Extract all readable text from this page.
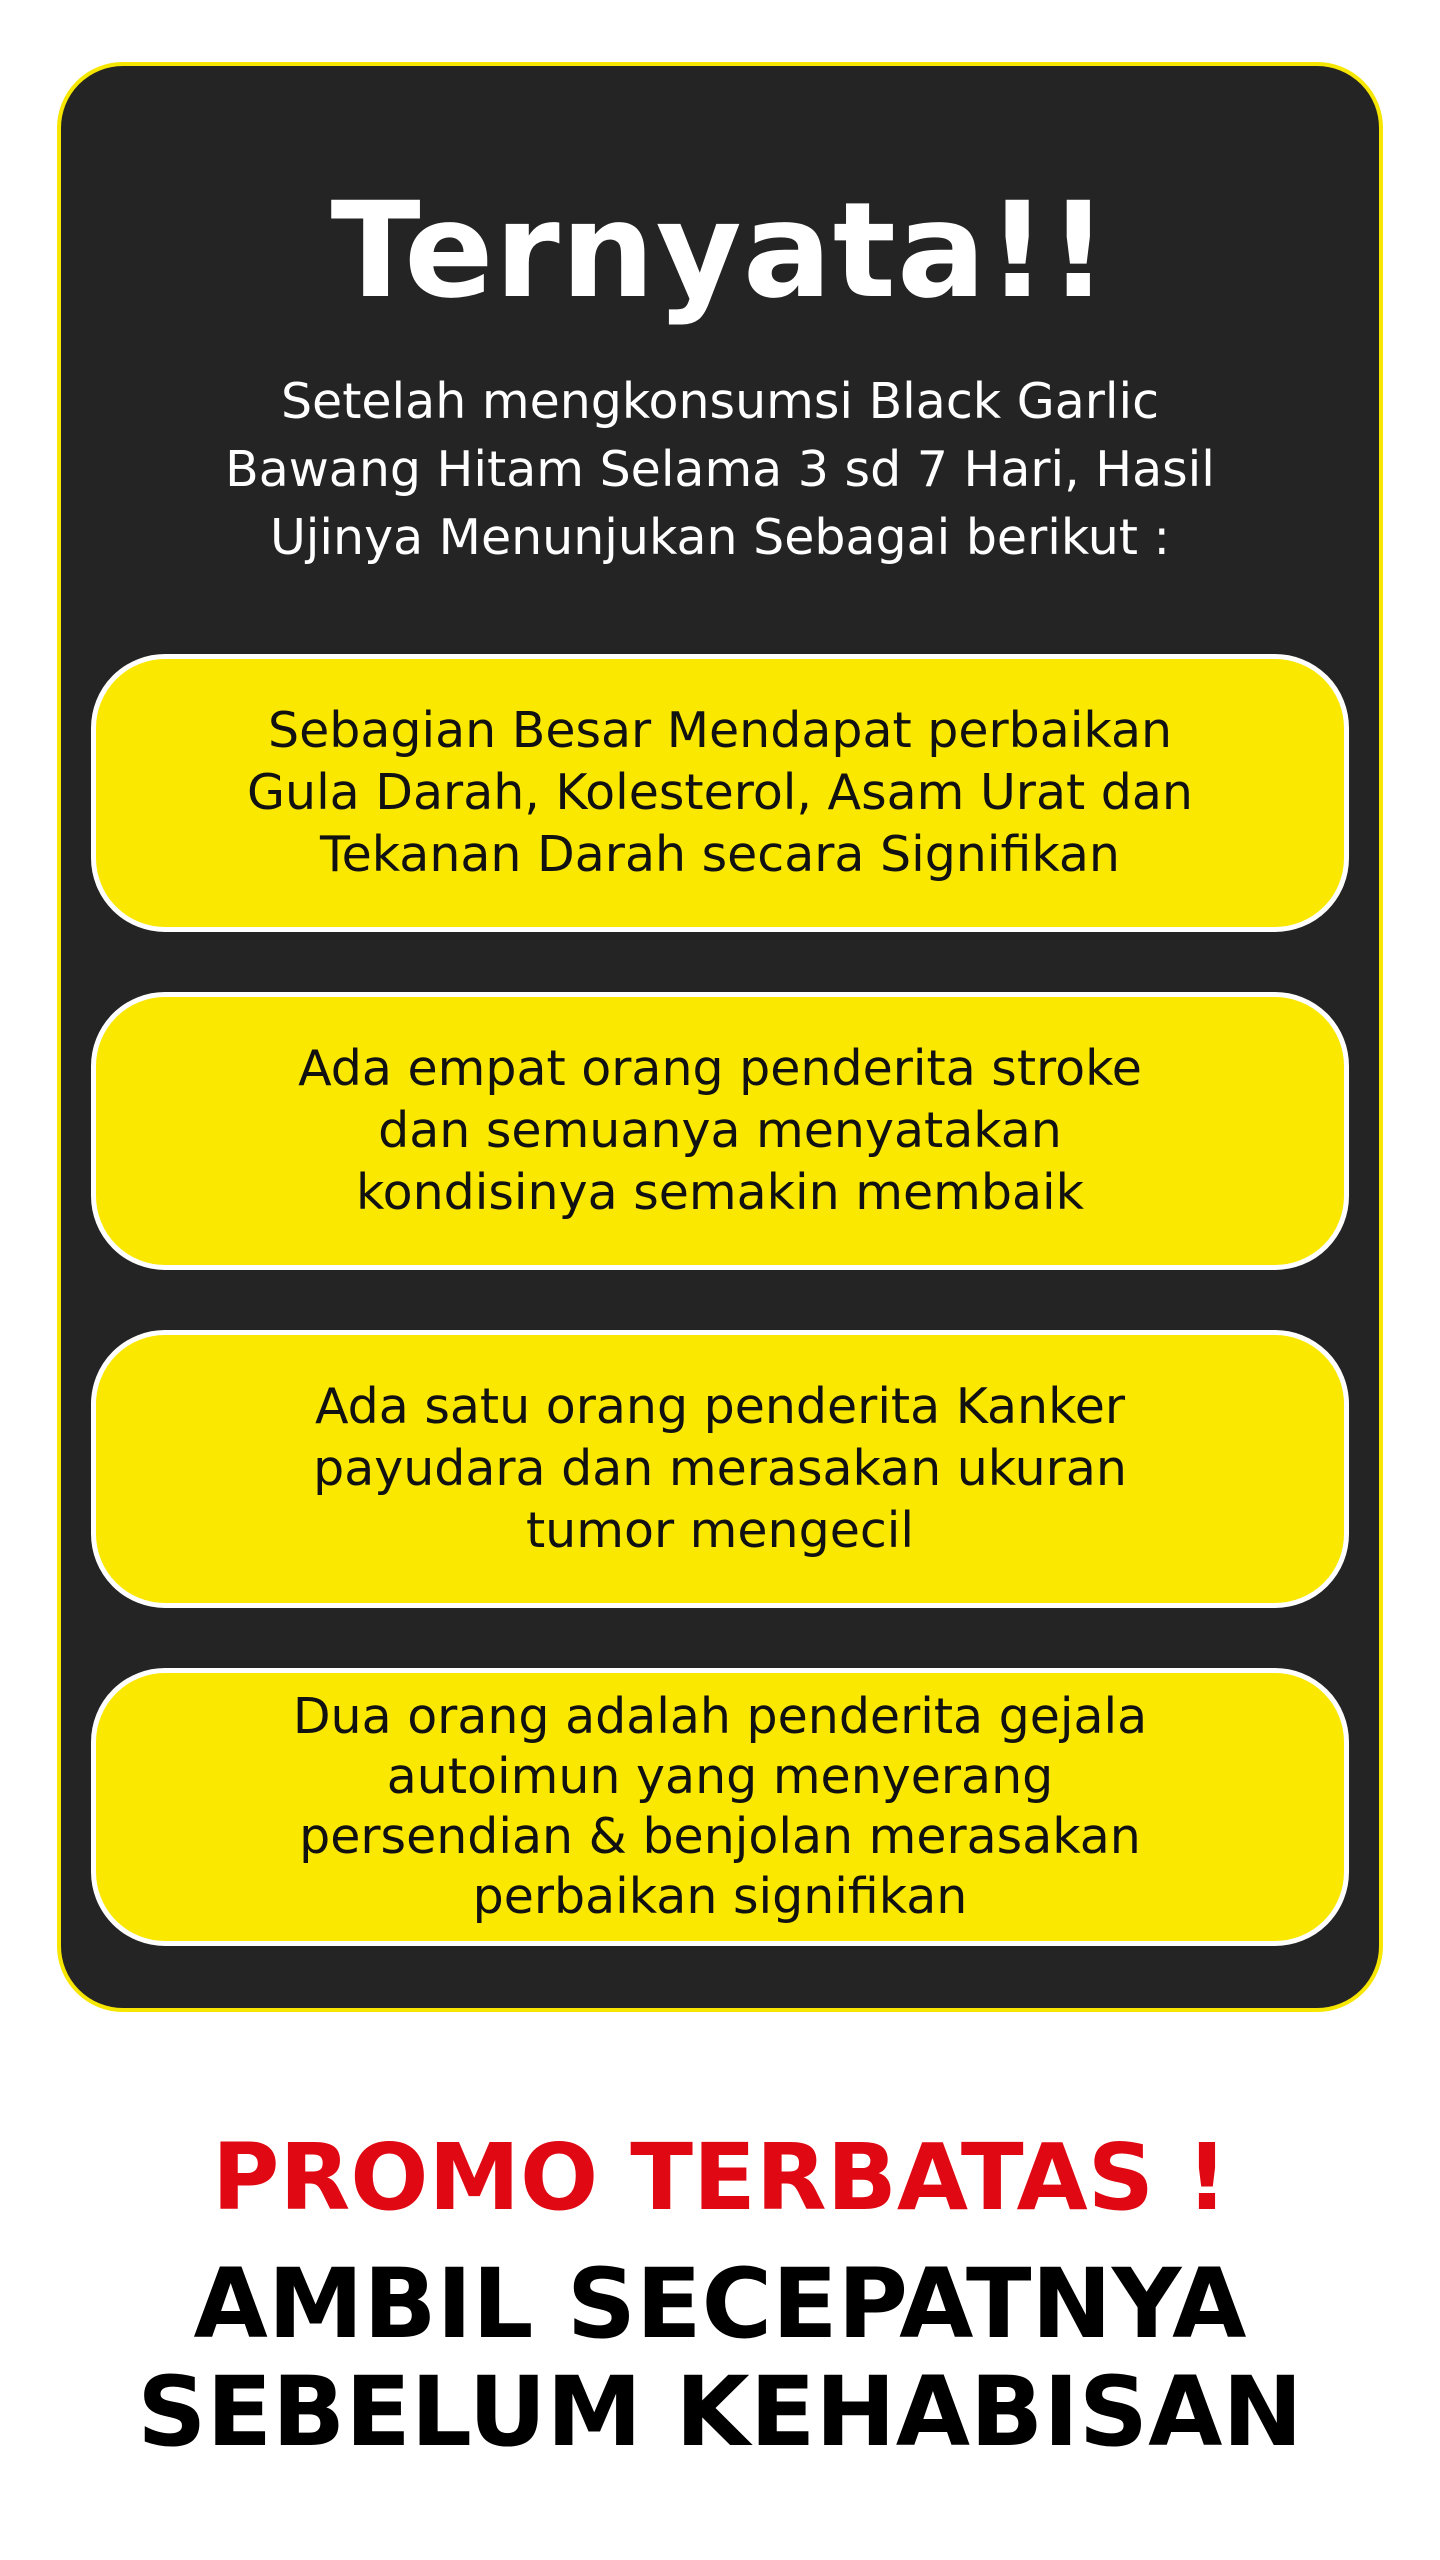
Ternyata!!

Setelah mengkonsumsi Black Garlic
Bawang Hitam Selama 3 sd 7 Hari, Hasil
Ujinya Menunjukan Sebagai berikut :

Sebagian Besar Mendapat perbaikan
Gula Darah, Kolesterol, Asam Urat dan
Tekanan Darah secara Signifikan

Ada empat orang penderita stroke
dan semuanya menyatakan
kondisinya semakin membaik

Ada satu orang penderita Kanker
payudara dan merasakan ukuran
tumor mengecil

Dua orang adalah penderita gejala
autoimun yang menyerang
persendian & benjolan merasakan
perbaikan signifikan

PROMO TERBATAS !

AMBIL SECEPATNYA
SEBELUM KEHABISAN
